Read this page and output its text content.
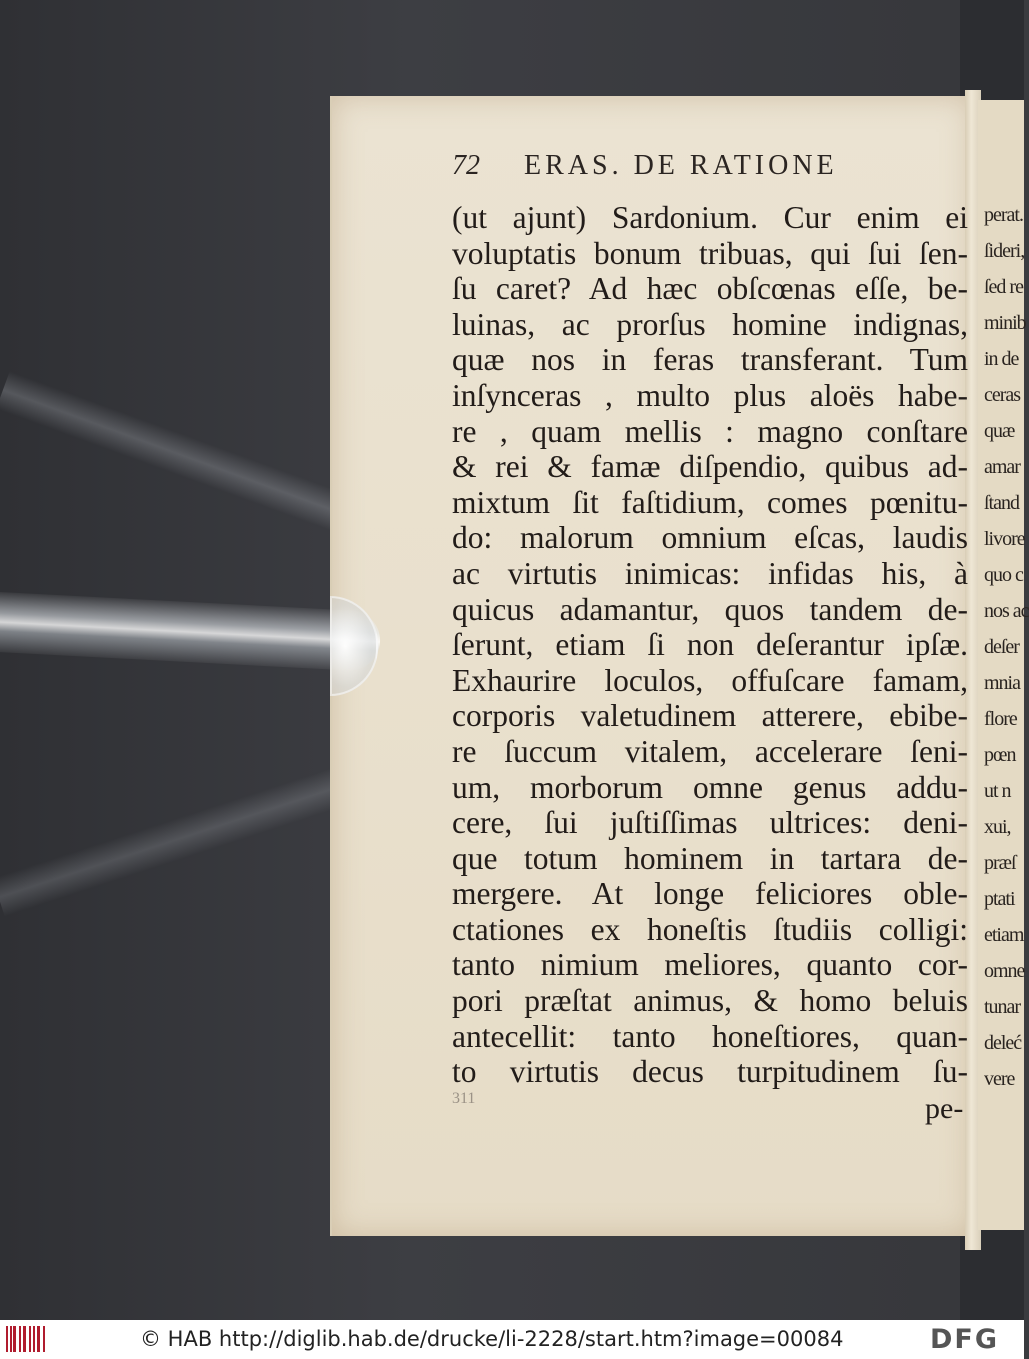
perat.
ſideri,
ſed re
minib
in de
ceras
quæ
amar
ſtand
livore
quo c
nos ac
deſer
mnia
flore
pœn
ut n
xui,
præſ
ptati
etiam
omne
tunar
deleć
vere
72 ERAS. DE RATIONE
(ut ajunt) Sardonium. Cur enim ei
voluptatis bonum tribuas, qui ſui ſen-
ſu caret? Ad hæc obſcœnas eſſe, be-
luinas, ac prorſus homine indignas,
quæ nos in feras transferant. Tum
inſynceras , multo plus aloës habe-
re , quam mellis : magno conſtare
& rei & famæ diſpendio, quibus ad-
mixtum ſit faſtidium, comes pœnitu-
do: malorum omnium eſcas, laudis
ac virtutis inimicas: infidas his, à
quicus adamantur, quos tandem de-
ſerunt, etiam ſi non deſerantur ipſæ.
Exhaurire loculos, offuſcare famam,
corporis valetudinem atterere, ebibe-
re ſuccum vitalem, accelerare ſeni-
um, morborum omne genus addu-
cere, ſui juſtiſſimas ultrices: deni-
que totum hominem in tartara de-
mergere. At longe feliciores oble-
ctationes ex honeſtis ſtudiis colligi:
tanto nimium meliores, quanto cor-
pori præſtat animus, & homo beluis
antecellit: tanto honeſtiores, quan-
to virtutis decus turpitudinem ſu-
311	pe-
© HAB http://diglib.hab.de/drucke/li-2228/start.htm?image=00084	DFG
